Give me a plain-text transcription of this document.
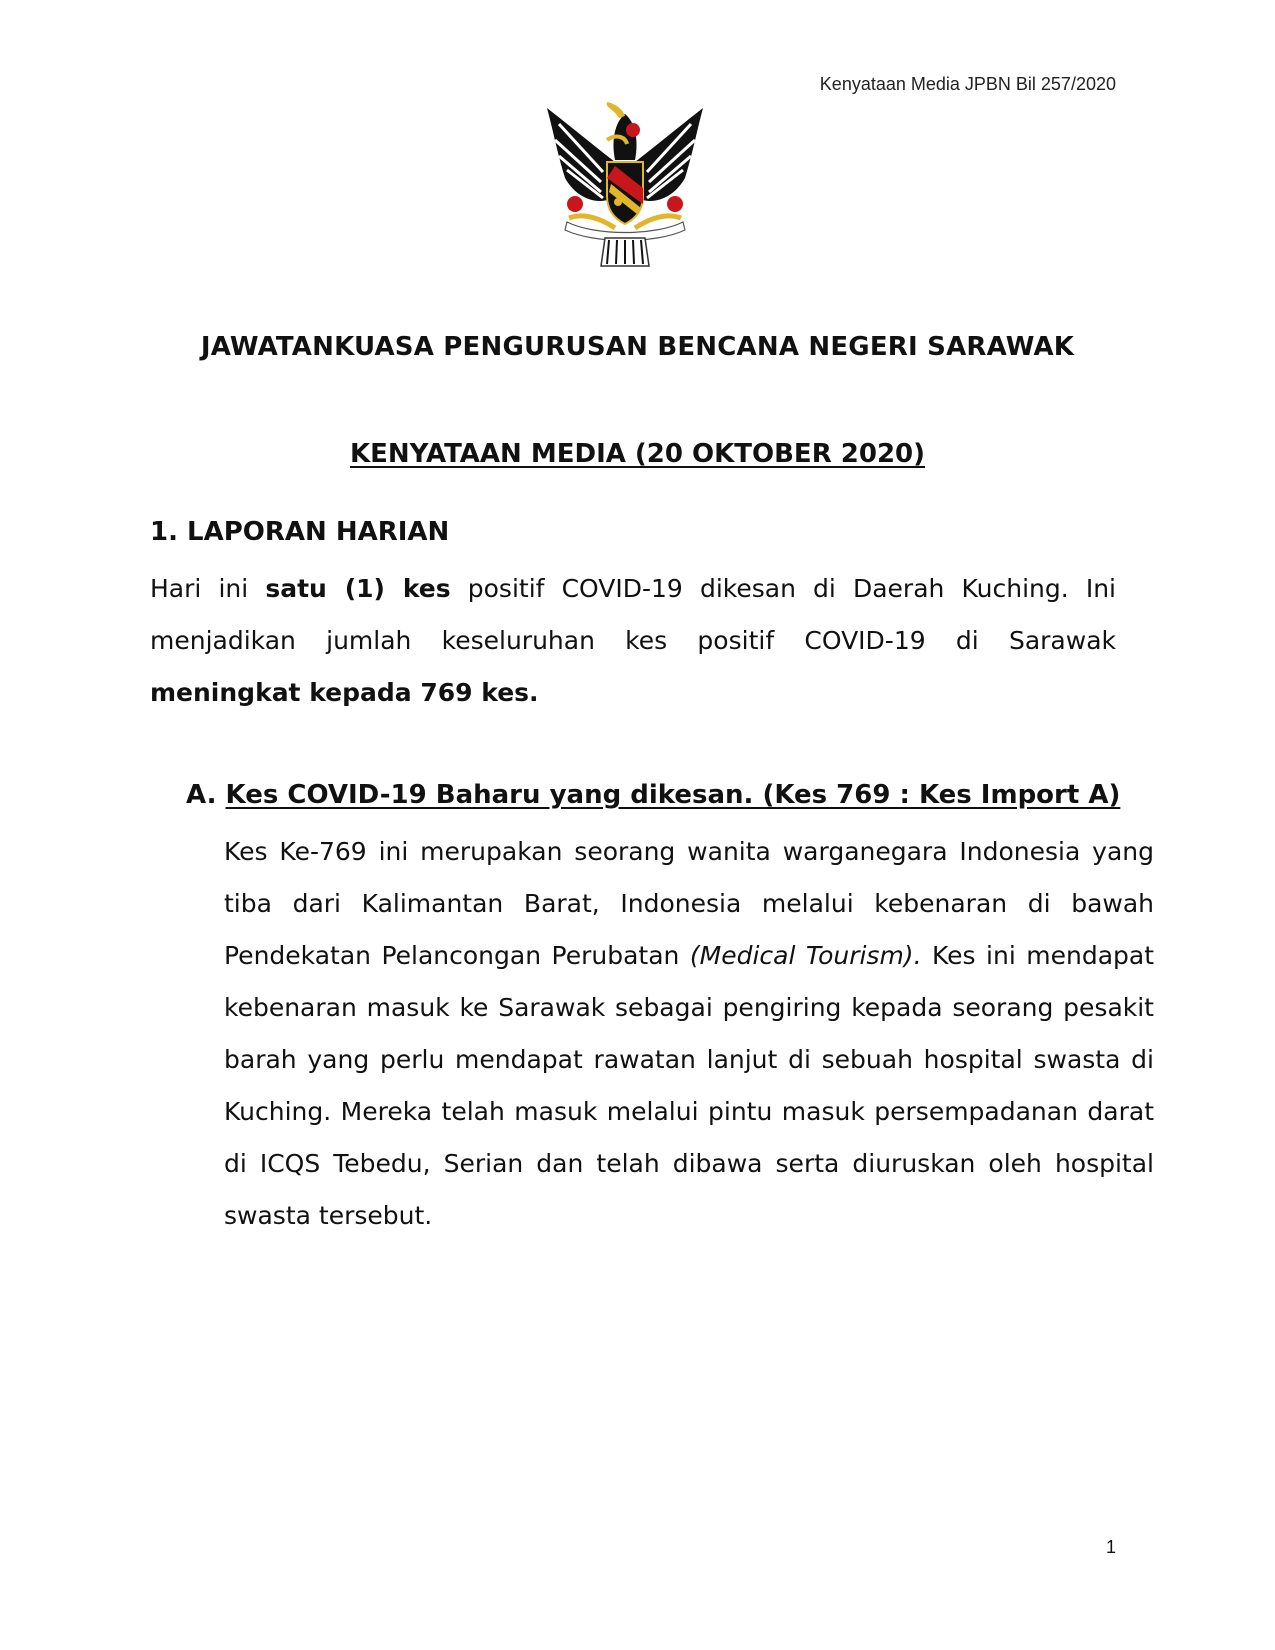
Kenyataan Media JPBN Bil 257/2020
JAWATANKUASA PENGURUSAN BENCANA NEGERI SARAWAK
KENYATAAN MEDIA (20 OKTOBER 2020)
1. LAPORAN HARIAN
Hari ini satu (1) kes positif COVID-19 dikesan di Daerah Kuching. Ini
menjadikan jumlah keseluruhan kes positif COVID-19 di Sarawak
meningkat kepada 769 kes.
A. Kes COVID-19 Baharu yang dikesan. (Kes 769 : Kes Import A)
Kes Ke-769 ini merupakan seorang wanita warganegara Indonesia yang
tiba dari Kalimantan Barat, Indonesia melalui kebenaran di bawah
Pendekatan Pelancongan Perubatan (Medical Tourism). Kes ini mendapat
kebenaran masuk ke Sarawak sebagai pengiring kepada seorang pesakit
barah yang perlu mendapat rawatan lanjut di sebuah hospital swasta di
Kuching. Mereka telah masuk melalui pintu masuk persempadanan darat
di ICQS Tebedu, Serian dan telah dibawa serta diuruskan oleh hospital
swasta tersebut.
1
